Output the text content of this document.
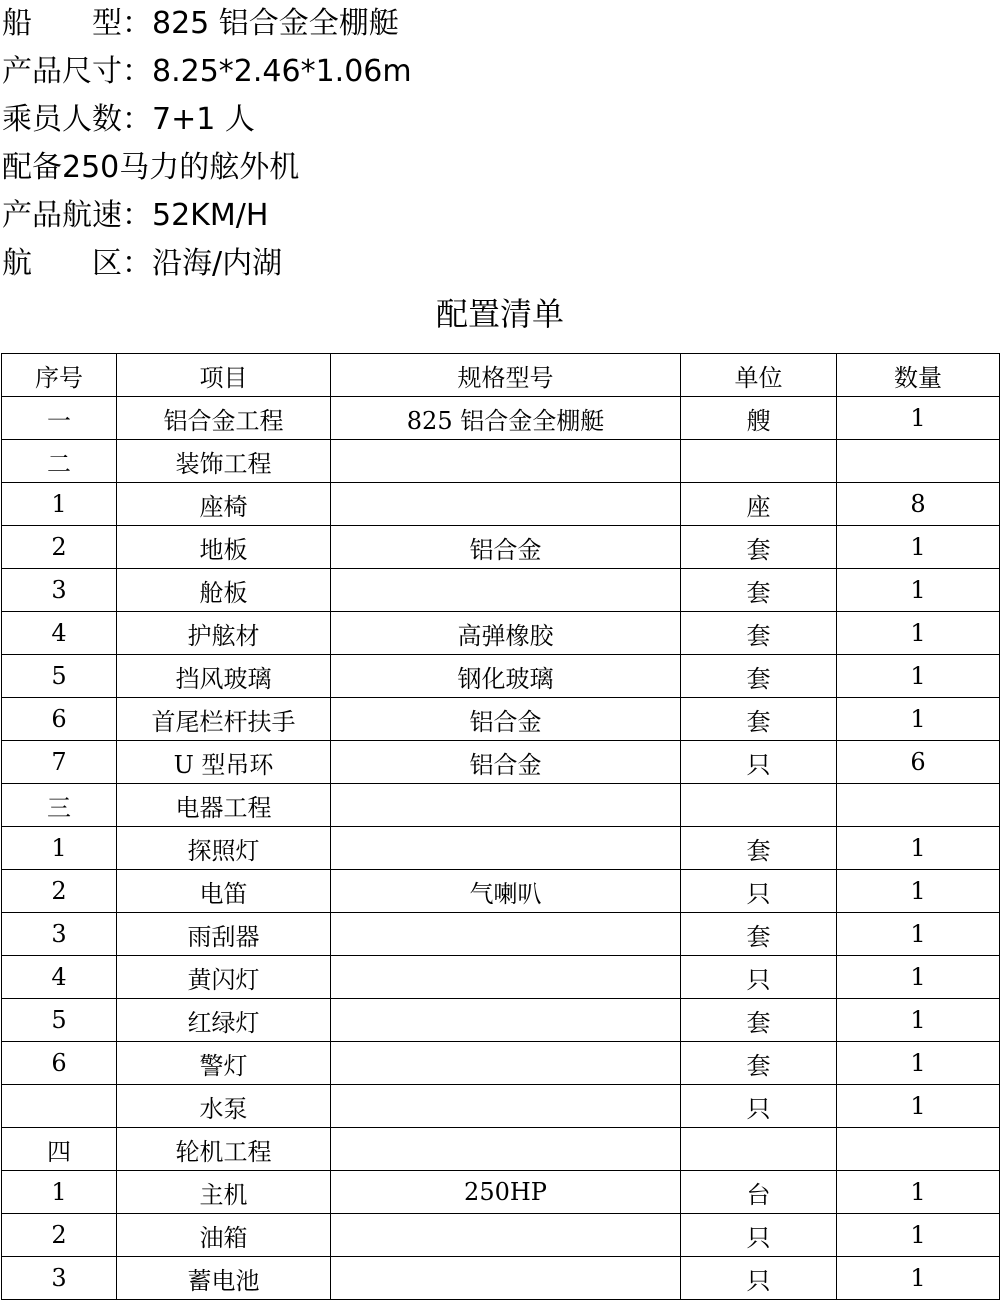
船　　型：825 铝合金全棚艇
产品尺寸：8.25*2.46*1.06m
乘员人数：7+1 人
配备250马力的舷外机
产品航速：52KM/H
航　　区：沿海/内湖
配置清单
序号	项目	规格型号	单位	数量
一	铝合金工程	825 铝合金全棚艇	艘	1
二	装饰工程			
1	座椅		座	8
2	地板	铝合金	套	1
3	舱板		套	1
4	护舷材	高弹橡胶	套	1
5	挡风玻璃	钢化玻璃	套	1
6	首尾栏杆扶手	铝合金	套	1
7	U 型吊环	铝合金	只	6
三	电器工程			
1	探照灯		套	1
2	电笛	气喇叭	只	1
3	雨刮器		套	1
4	黄闪灯		只	1
5	红绿灯		套	1
6	警灯		套	1
	水泵		只	1
四	轮机工程			
1	主机	250HP	台	1
2	油箱		只	1
3	蓄电池		只	1
